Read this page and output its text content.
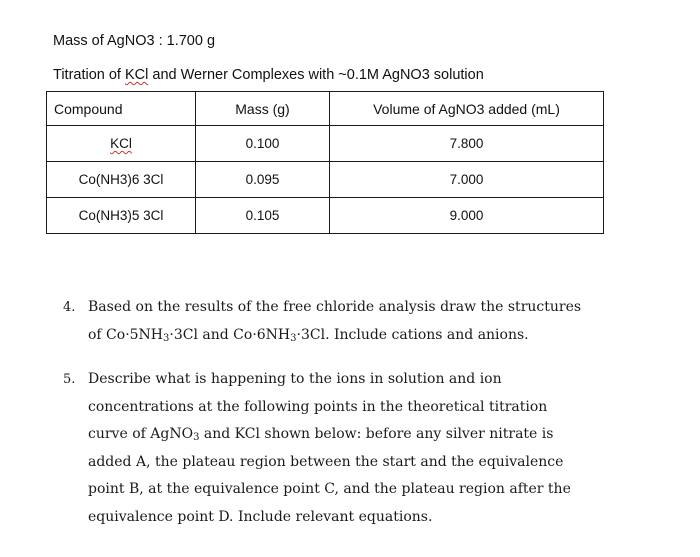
Mass of AgNO3 : 1.700 g
Titration of KCl and Werner Complexes with ~0.1M AgNO3 solution
Compound	Mass (g)	Volume of AgNO3 added (mL)
KCl	0.100	7.800
Co(NH3)6 3Cl	0.095	7.000
Co(NH3)5 3Cl	0.105	9.000
4. Based on the results of the free chloride analysis draw the structures
of $Co\cdot 5NH_3\cdot 3Cl$ and $Co\cdot 6NH_3\cdot 3Cl$. Include cations and anions.
5. Describe what is happening to the ions in solution and ion
concentrations at the following points in the theoretical titration
curve of AgNO$_3$ and KCl shown below: before any silver nitrate is
added A, the plateau region between the start and the equivalence
point B, at the equivalence point C, and the plateau region after the
equivalence point D. Include relevant equations.
